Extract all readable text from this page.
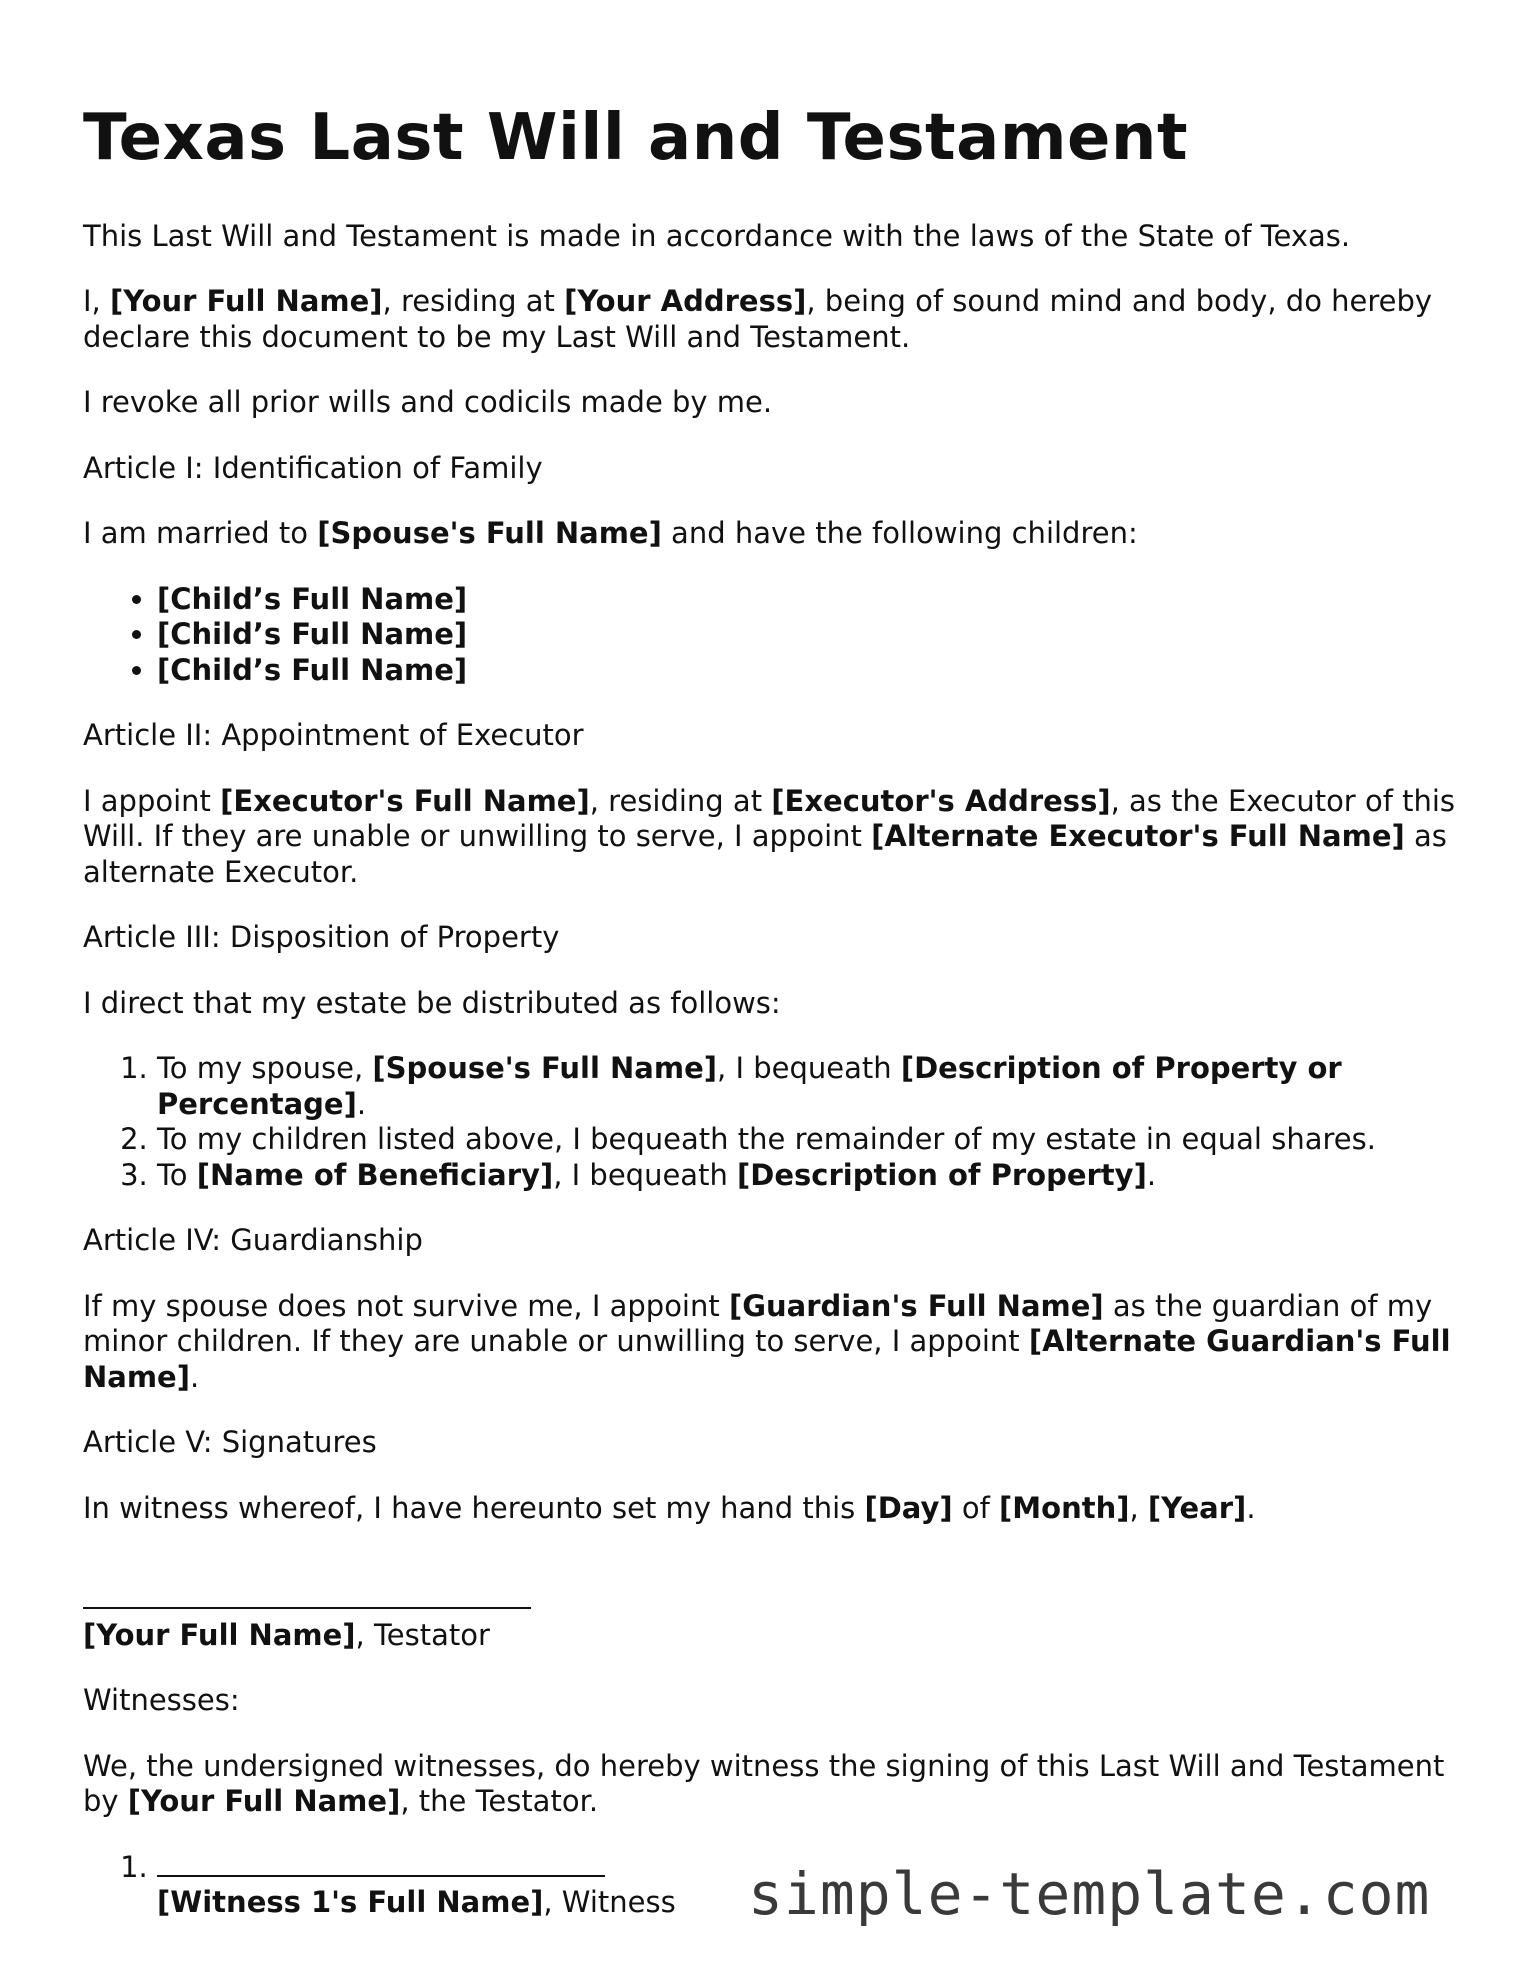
Texas Last Will and Testament

This Last Will and Testament is made in accordance with the laws of the State of Texas.

I, [Your Full Name], residing at [Your Address], being of sound mind and body, do hereby declare this document to be my Last Will and Testament.

I revoke all prior wills and codicils made by me.

Article I: Identification of Family

I am married to [Spouse's Full Name] and have the following children:

• [Child’s Full Name]
• [Child’s Full Name]
• [Child’s Full Name]

Article II: Appointment of Executor

I appoint [Executor's Full Name], residing at [Executor's Address], as the Executor of this Will. If they are unable or unwilling to serve, I appoint [Alternate Executor's Full Name] as alternate Executor.

Article III: Disposition of Property

I direct that my estate be distributed as follows:

1. To my spouse, [Spouse's Full Name], I bequeath [Description of Property or Percentage].
2. To my children listed above, I bequeath the remainder of my estate in equal shares.
3. To [Name of Beneficiary], I bequeath [Description of Property].

Article IV: Guardianship

If my spouse does not survive me, I appoint [Guardian's Full Name] as the guardian of my minor children. If they are unable or unwilling to serve, I appoint [Alternate Guardian's Full Name].

Article V: Signatures

In witness whereof, I have hereunto set my hand this [Day] of [Month], [Year].

[Your Full Name], Testator

Witnesses:

We, the undersigned witnesses, do hereby witness the signing of this Last Will and Testament by [Your Full Name], the Testator.

1. [Witness 1's Full Name], Witness	simple-template.com
